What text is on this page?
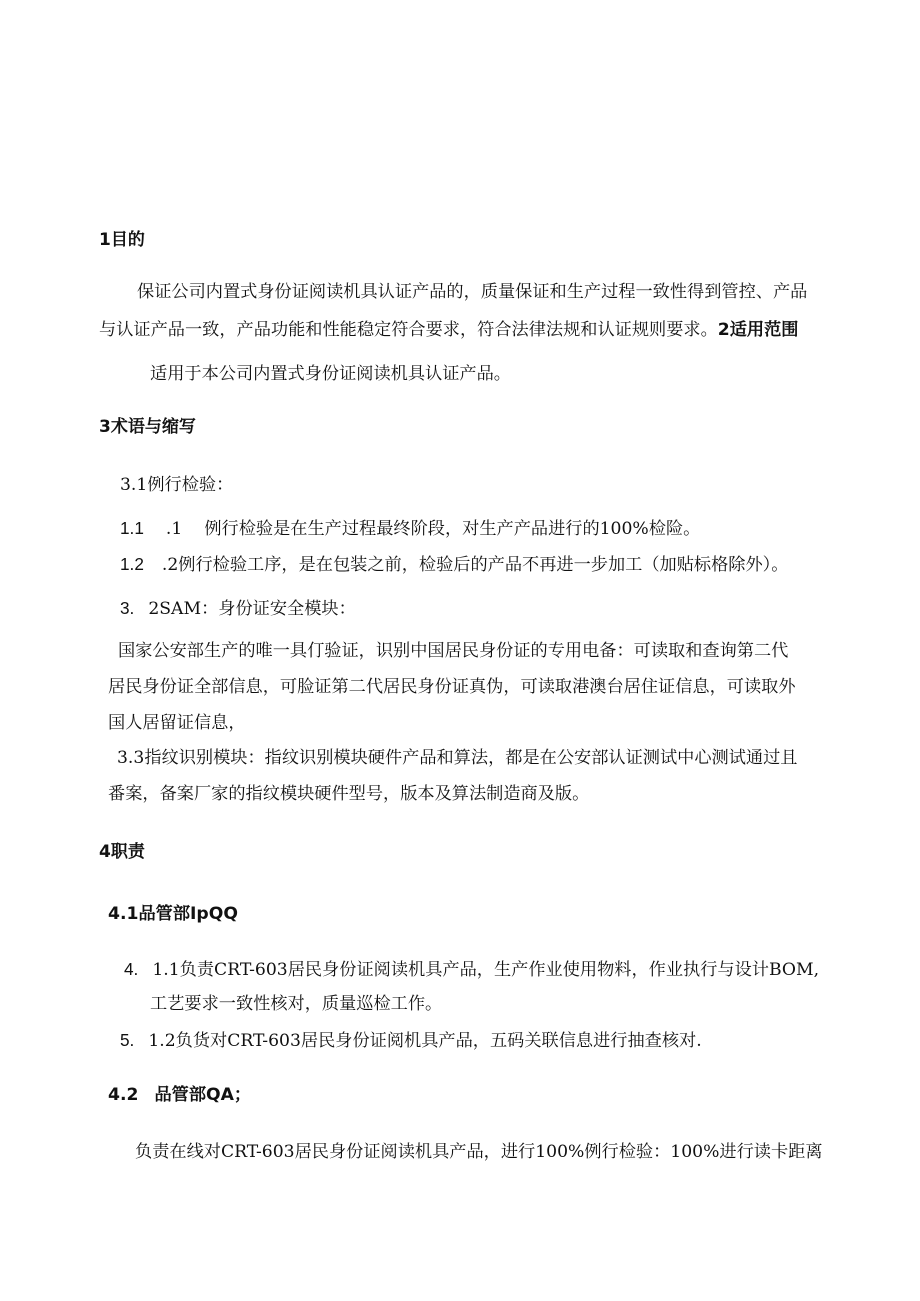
1目的
保证公司内置式身份证阅读机具认证产品的，质量保证和生产过程一致性得到管控、产品
与认证产品一致，产品功能和性能稳定符合要求，符合法律法规和认证规则要求。2适用范围
适用于本公司内置式身份证阅读机具认证产品。
3术语与缩写
3.1例行检验：
1.1 .1 例行检验是在生产过程最终阶段，对生产产品进行的100%检险。
1.2 .2例行检验工序，是在包装之前，检验后的产品不再进一步加工（加贴标格除外）。
3. 2SAM：身份证安全模块：
国家公安部生产的唯一具仃验证，识别中国居民身份证的专用电备：可读取和查询第二代
居民身份证全部信息，可脸证第二代居民身份证真伪，可读取港澳台居住证信息，可读取外
国人居留证信息，
3.3指纹识别模块：指纹识别模块硬件产品和算法，都是在公安部认证测试中心测试通过且
番案，备案厂家的指纹模块硬件型号，版本及算法制造商及版。
4职责
4.1品管部IpQQ
4. 1.1负责CRT-603居民身份证阅读机具产品，生产作业使用物料，作业执行与设计BOM,
工艺要求一致性核对，质量巡检工作。
5. 1.2负货对CRT-603居民身份证阅机具产品，五码关联信息进行抽查核对.
4.2 品管部QA；
负责在线对CRT-603居民身份证阅读机具产品，进行100%例行检验：100%进行读卡距离
